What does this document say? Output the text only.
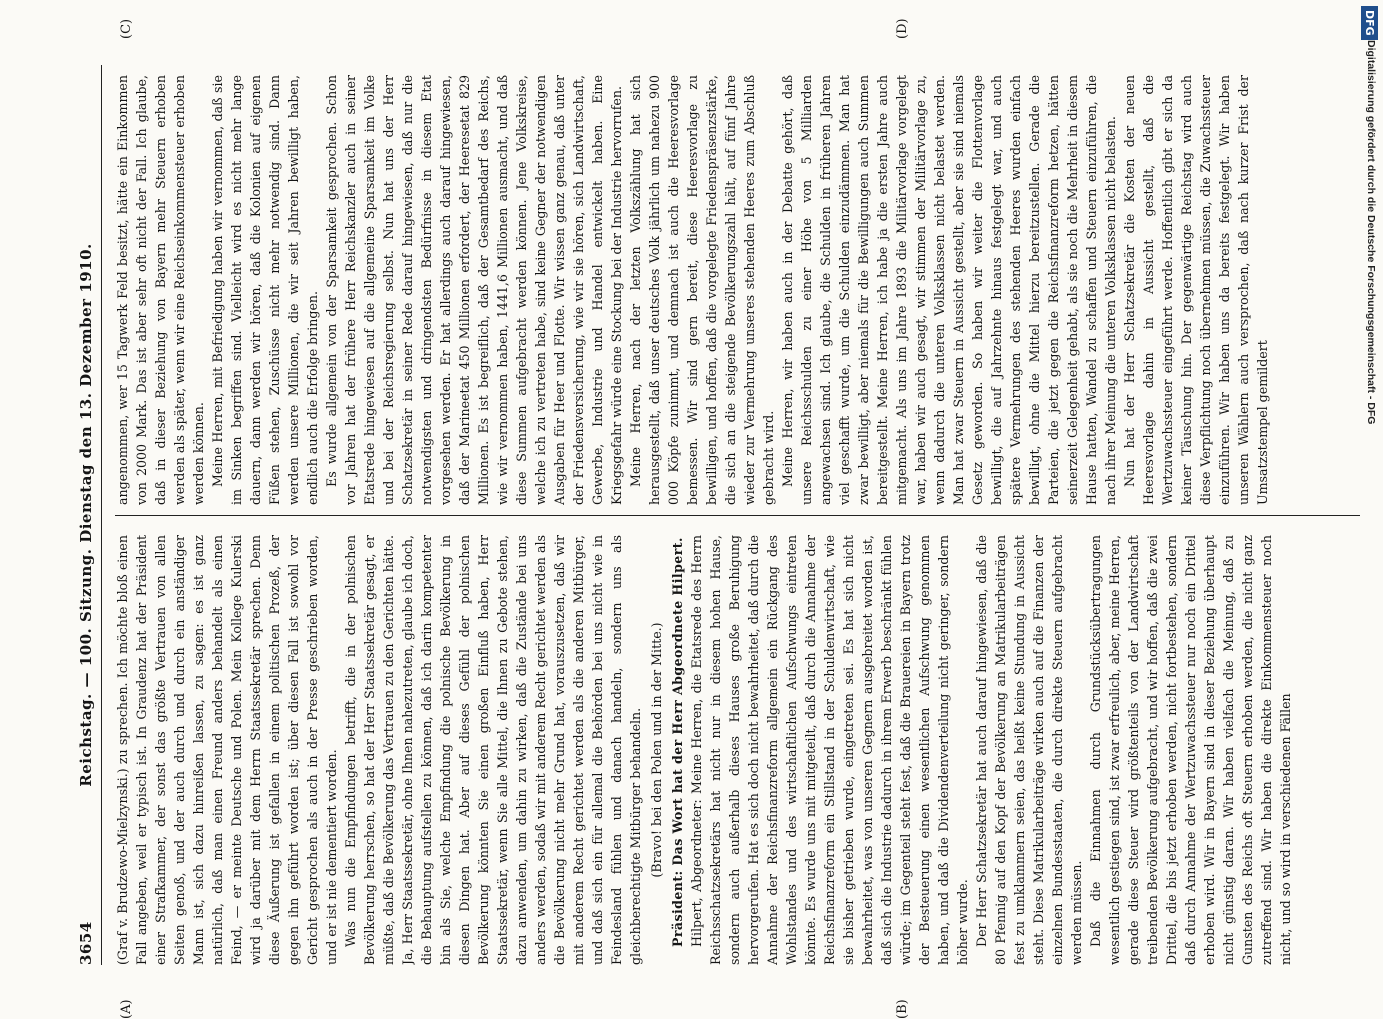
3654
Reichstag. — 100. Sitzung. Dienstag den 13. Dezember 1910.
(A)	(B)
(C)	(D)

(Graf v. Brudzewo-Mielzynski.) zu sprechen. Ich möchte bloß einen Fall angeben, weil er typisch ist. In Graudenz hat der Präsident einer Strafkammer, der sonst das größte Vertrauen von allen Seiten genoß, und der auch durch und durch ein anständiger Mann ist, sich dazu hinreißen lassen, zu sagen: es ist ganz natürlich, daß man einen Freund anders behandelt als einen Feind, — er meinte Deutsche und Polen. Mein Kollege Kulerski wird ja darüber mit dem Herrn Staatssekretär sprechen. Denn diese Äußerung ist gefallen in einem politischen Prozeß, der gegen ihn geführt worden ist; über diesen Fall ist sowohl vor Gericht gesprochen als auch in der Presse geschrieben worden, und er ist nie dementiert worden. Was nun die Empfindungen betrifft, die in der polnischen Bevölkerung herrschen, so hat der Herr Staatssekretär gesagt, er müßte, daß die Bevölkerung das Vertrauen zu den Gerichten hätte. Ja, Herr Staatssekretär, ohne Ihnen nahezutreten, glaube ich doch, die Behauptung aufstellen zu können, daß ich darin kompetenter bin als Sie, welche Empfindung die polnische Bevölkerung in diesen Dingen hat. Aber auf dieses Gefühl der polnischen Bevölkerung könnten Sie einen großen Einfluß haben, Herr Staatssekretär, wenn Sie alle Mittel, die Ihnen zu Gebote stehen, dazu anwenden, um dahin zu wirken, daß die Zustände bei uns anders werden, sodaß wir mit anderem Recht gerichtet werden als die Bevölkerung nicht mehr Grund hat, vorauszusetzen, daß wir mit anderem Recht gerichtet werden als die anderen Mitbürger, und daß sich ein für allemal die Behörden bei uns nicht wie in Feindesland fühlen und danach handeln, sondern uns als gleichberechtigte Mitbürger behandeln. (Bravo! bei den Polen und in der Mitte.) Präsident: Das Wort hat der Herr Abgeordnete Hilpert. Hilpert, Abgeordneter: Meine Herren, die Etatsrede des Herrn Reichsschatzsekretärs hat nicht nur in diesem hohen Hause, sondern auch außerhalb dieses Hauses große Beruhigung hervorgerufen. Hat es sich doch nicht bewahrheitet, daß durch die Annahme der Reichsfinanzreform allgemein ein Rückgang des Wohlstandes und des wirtschaftlichen Aufschwungs eintreten könnte. Es wurde uns mit mitgeteilt, daß durch die Annahme der Reichsfinanzreform ein Stillstand in der Schuldenwirtschaft, wie sie bisher getrieben wurde, eingetreten sei. Es hat sich nicht bewahrheitet, was von unseren Gegnern ausgebreitet worden ist, daß sich die Industrie dadurch in ihrem Erwerb beschränkt fühlen würde; im Gegenteil steht fest, daß die Brauereien in Bayern trotz der Besteuerung einen wesentlichen Aufschwung genommen haben, und daß die Dividendenverteilung nicht geringer, sondern höher wurde. Der Herr Schatzsekretär hat auch darauf hingewiesen, daß die 80 Pfennig auf den Kopf der Bevölkerung an Matrikularbeiträgen fest zu umklammern seien, das heißt keine Stundung in Aussicht steht. Diese Matrikularbeiträge wirken auch auf die Finanzen der einzelnen Bundesstaaten, die durch direkte Steuern aufgebracht werden müssen. Daß die Einnahmen durch Grundstücksübertragungen wesentlich gestiegen sind, ist zwar erfreulich, aber, meine Herren, gerade diese Steuer wird größtenteils von der Landwirtschaft treibenden Bevölkerung aufgebracht, und wir hoffen, daß die zwei Drittel, die bis jetzt erhoben werden, nicht fortbestehen, sondern daß durch Annahme der Wertzuwachssteuer nur noch ein Drittel erhoben wird. Wir in Bayern sind in dieser Beziehung überhaupt nicht günstig daran. Wir haben vielfach die Meinung, daß zu Gunsten des Reichs oft Steuern erhoben werden, die nicht ganz zutreffend sind. Wir haben die direkte Einkommensteuer noch nicht, und so wird in verschiedenen Fällen

angenommen, wer 15 Tagwerk Feld besitzt, hätte ein Einkommen von 2000 Mark. Das ist aber sehr oft nicht der Fall. Ich glaube, daß in dieser Beziehung von Bayern mehr Steuern erhoben werden als später, wenn wir eine Reichseinkommensteuer erhoben werden können. Meine Herren, mit Befriedigung haben wir vernommen, daß sie im Sinken begriffen sind. Vielleicht wird es nicht mehr lange dauern, dann werden wir hören, daß die Kolonien auf eigenen Füßen stehen, Zuschüsse nicht mehr notwendig sind. Dann werden unsere Millionen, die wir seit Jahren bewilligt haben, endlich auch die Erfolge bringen. Es wurde allgemein von der Sparsamkeit gesprochen. Schon vor Jahren hat der frühere Herr Reichskanzler auch in seiner Etatsrede hingewiesen auf die allgemeine Sparsamkeit im Volke und bei der Reichsregierung selbst. Nun hat uns der Herr Schatzsekretär in seiner Rede darauf hingewiesen, daß nur die notwendigsten und dringendsten Bedürfnisse in diesem Etat vorgesehen werden. Er hat allerdings auch darauf hingewiesen, daß der Marineetat 450 Millionen erfordert, der Heeresetat 829 Millionen. Es ist begreiflich, daß der Gesamtbedarf des Reichs, wie wir vernommen haben, 1441,6 Millionen ausmacht, und daß diese Summen aufgebracht werden können. Jene Volkskreise, welche ich zu vertreten habe, sind keine Gegner der notwendigen Ausgaben für Heer und Flotte. Wir wissen ganz genau, daß unter der Friedensversicherung, wie wir sie hören, sich Landwirtschaft, Gewerbe, Industrie und Handel entwickelt haben. Eine Kriegsgefahr würde eine Stockung bei der Industrie hervorrufen. Meine Herren, nach der letzten Volkszählung hat sich herausgestellt, daß unser deutsches Volk jährlich um nahezu 900 000 Köpfe zunimmt, und demnach ist auch die Heeresvorlage bemessen. Wir sind gern bereit, diese Heeresvorlage zu bewilligen, und hoffen, daß die vorgelegte Friedenspräsenzstärke, die sich an die steigende Bevölkerungszahl hält, auf fünf Jahre wieder zur Vermehrung unseres stehenden Heeres zum Abschluß gebracht wird. Meine Herren, wir haben auch in der Debatte gehört, daß unsere Reichsschulden zu einer Höhe von 5 Milliarden angewachsen sind. Ich glaube, die Schulden in früheren Jahren viel geschafft wurde, um die Schulden einzudämmen. Man hat zwar bewilligt, aber niemals für die Bewilligungen auch Summen bereitgestellt. Meine Herren, ich habe ja die ersten Jahre auch mitgemacht. Als uns im Jahre 1893 die Militärvorlage vorgelegt war, haben wir auch gesagt, wir stimmen der Militärvorlage zu, wenn dadurch die unteren Volksklassen nicht belastet werden. Man hat zwar Steuern in Aussicht gestellt, aber sie sind niemals Gesetz geworden. So haben wir weiter die Flottenvorlage bewilligt, die auf Jahrzehnte hinaus festgelegt war, und auch spätere Vermehrungen des stehenden Heeres wurden einfach bewilligt, ohne die Mittel hierzu bereitzustellen. Gerade die Parteien, die jetzt gegen die Reichsfinanzreform hetzen, hätten seinerzeit Gelegenheit gehabt, als sie noch die Mehrheit in diesem Hause hatten, Wandel zu schaffen und Steuern einzuführen, die nach ihrer Meinung die unteren Volksklassen nicht belasten. Nun hat der Herr Schatzsekretär die Kosten der neuen Heeresvorlage dahin in Aussicht gestellt, daß die Wertzuwachssteuer eingeführt werde. Hoffentlich gibt er sich da keiner Täuschung hin. Der gegenwärtige Reichstag wird auch diese Verpflichtung noch übernehmen müssen, die Zuwachssteuer einzuführen. Wir haben uns da bereits festgelegt. Wir haben unseren Wählern auch versprochen, daß nach kurzer Frist der Umsatzstempel gemildert

DFG
Digitalisierung gefördert durch die Deutsche Forschungsgemeinschaft - DFG
